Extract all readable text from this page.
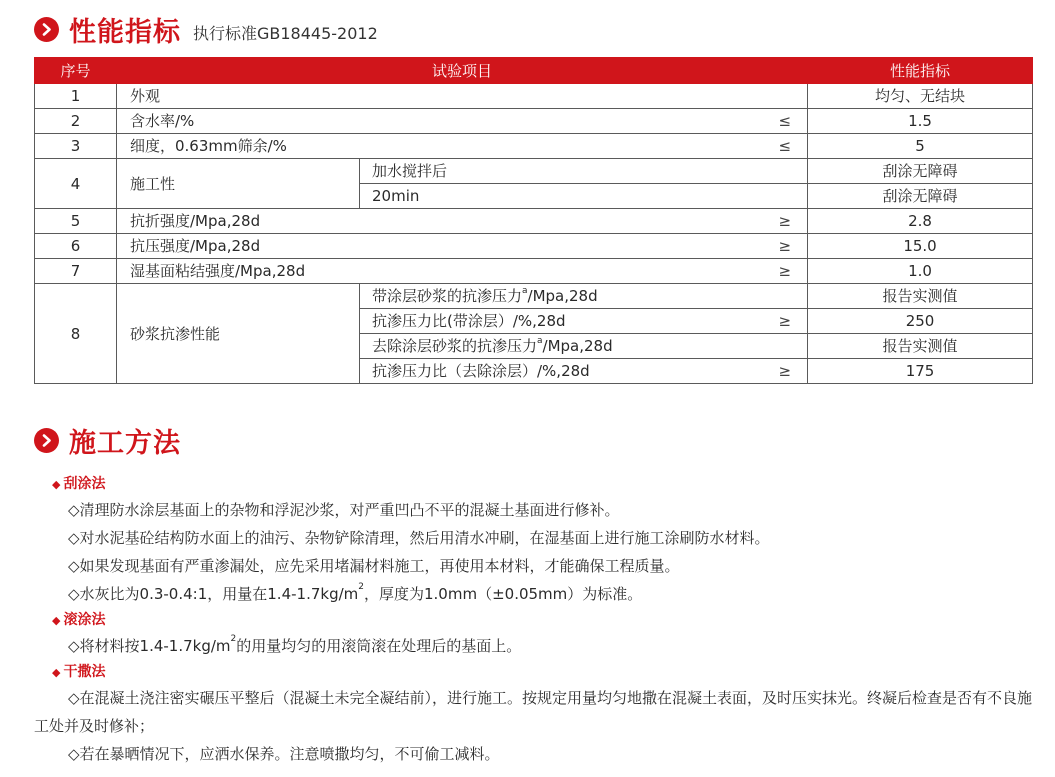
性能指标 执行标准GB18445-2012
序号	试验项目		性能指标
1	外观		均匀、无结块
2	含水率/% ≤		1.5
3	细度，0.63mm筛余/% ≤		5
4	施工性	加水搅拌后	刮涂无障碍
		20min	刮涂无障碍
5	抗折强度/Mpa,28d ≥		2.8
6	抗压强度/Mpa,28d ≥		15.0
7	湿基面粘结强度/Mpa,28d ≥		1.0
8	砂浆抗渗性能	带涂层砂浆的抗渗压力$^a$/Mpa,28d	报告实测值

		抗渗压力比(带涂层）/%,28d ≥	250
		去除涂层砂浆的抗渗压力$^a$/Mpa,28d	报告实测值

		抗渗压力比（去除涂层）/%,28d ≥	175
施工方法
◆ 刮涂法
◇清理防水涂层基面上的杂物和浮泥沙浆，对严重凹凸不平的混凝土基面进行修补。
◇对水泥基砼结构防水面上的油污、杂物铲除清理，然后用清水冲刷，在湿基面上进行施工涂刷防水材料。
◇如果发现基面有严重渗漏处，应先采用堵漏材料施工，再使用本材料，才能确保工程质量。
◇水灰比为0.3-0.4:1，用量在$1.4-1.7kg/m^2$，厚度为1.0mm（±0.05mm）为标准。
◆ 滚涂法
◇将材料按$1.4-1.7kg/m^2$的用量均匀的用滚筒滚在处理后的基面上。
◆ 干撒法
◇在混凝土浇注密实碾压平整后（混凝土未完全凝结前），进行施工。按规定用量均匀地撒在混凝土表面，及时压实抹光。终凝后检查是否有不良施工处并及时修补；
◇若在暴晒情况下，应洒水保养。注意喷撒均匀，不可偷工减料。
